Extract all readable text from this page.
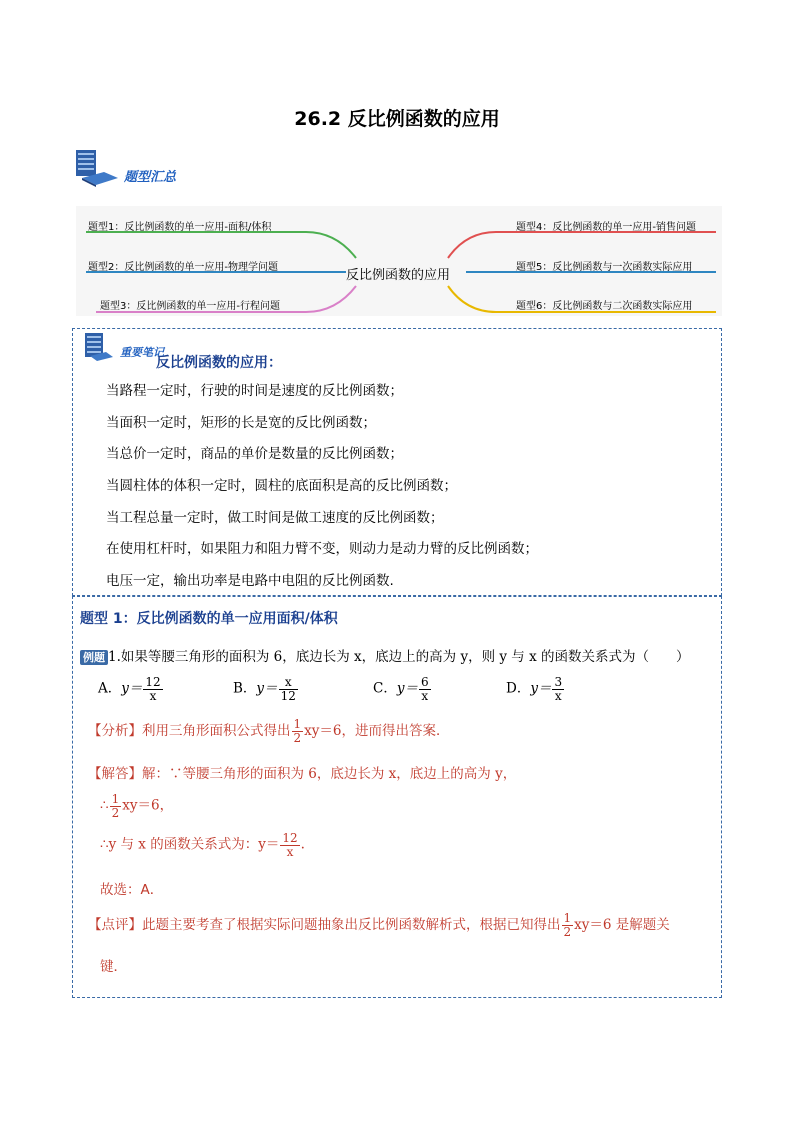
26.2 反比例函数的应用
题型汇总
题型1：反比例函数的单一应用-面积/体积
题型2：反比例函数的单一应用-物理学问题
题型3：反比例函数的单一应用-行程问题
题型4：反比例函数的单一应用-销售问题
题型5：反比例函数与一次函数实际应用
题型6：反比例函数与二次函数实际应用
反比例函数的应用
重要笔记
反比例函数的应用：
当路程一定时，行驶的时间是速度的反比例函数；
当面积一定时，矩形的长是宽的反比例函数；
当总价一定时，商品的单价是数量的反比例函数；
当圆柱体的体积一定时，圆柱的底面积是高的反比例函数；
当工程总量一定时，做工时间是做工速度的反比例函数；
在使用杠杆时，如果阻力和阻力臂不变，则动力是动力臂的反比例函数；
电压一定，输出功率是电路中电阻的反比例函数.
题型 1：反比例函数的单一应用面积/体积
例题 1.如果等腰三角形的面积为 6，底边长为 x，底边上的高为 y，则 y 与 x 的函数关系式为（　　）
A．$y= \frac{12}{x}$	B．$y= \frac{x}{12}$	C．$y= \frac{6}{x}$	D．$y= \frac{3}{x}$
【分析】利用三角形面积公式得出 $\frac{1}{2} xy=6$，进而得出答案．
【解答】解：∵等腰三角形的面积为 6，底边长为 x，底边上的高为 y，
∴ $\frac{1}{2} xy=6$，
∴y 与 x 的函数关系式为：$y= \frac{12}{x}$ .
故选：A．
【点评】此题主要考查了根据实际问题抽象出反比例函数解析式，根据已知得出 $\frac{1}{2} xy=6$ 是解题关
键．
